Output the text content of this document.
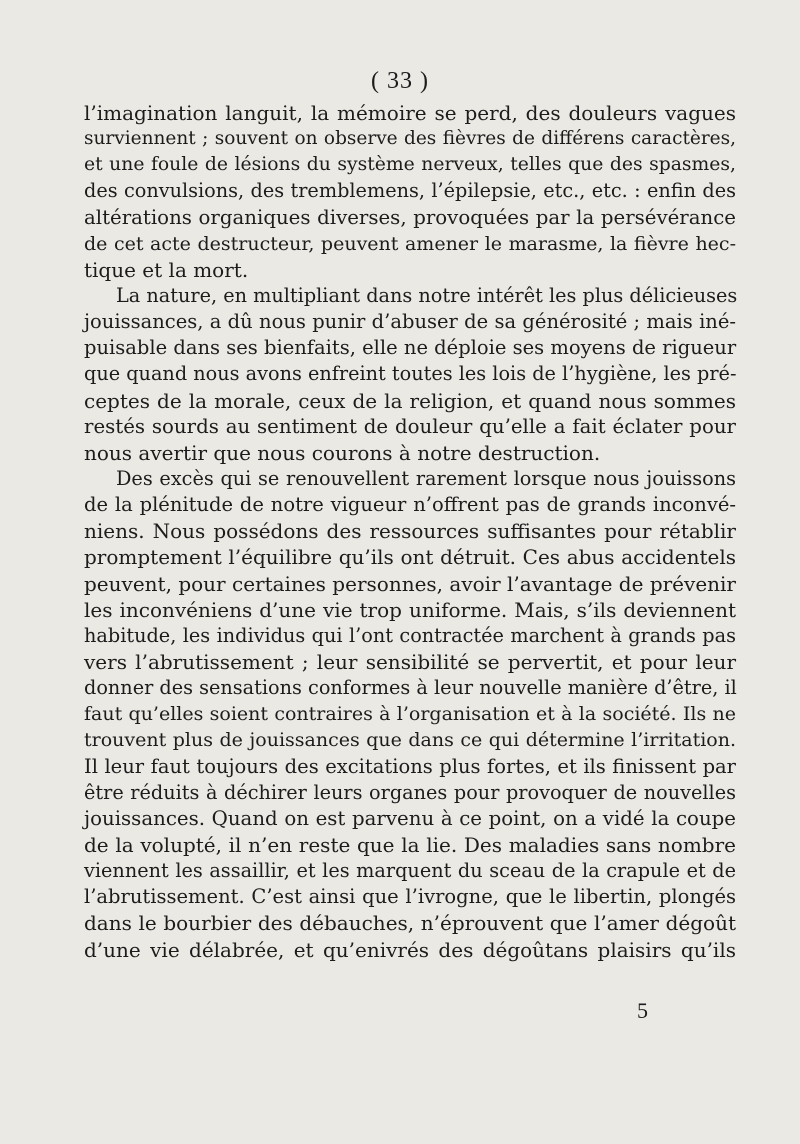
( 33 )
l’imagination languit, la mémoire se perd, des douleurs vagues
surviennent ; souvent on observe des fièvres de différens caractères,
et une foule de lésions du système nerveux, telles que des spasmes,
des convulsions, des tremblemens, l’épilepsie, etc., etc. : enfin des
altérations organiques diverses, provoquées par la persévérance
de cet acte destructeur, peuvent amener le marasme, la fièvre hec-
tique et la mort.
La nature, en multipliant dans notre intérêt les plus délicieuses
jouissances, a dû nous punir d’abuser de sa générosité ; mais iné-
puisable dans ses bienfaits, elle ne déploie ses moyens de rigueur
que quand nous avons enfreint toutes les lois de l’hygiène, les pré-
ceptes de la morale, ceux de la religion, et quand nous sommes
restés sourds au sentiment de douleur qu’elle a fait éclater pour
nous avertir que nous courons à notre destruction.
Des excès qui se renouvellent rarement lorsque nous jouissons
de la plénitude de notre vigueur n’offrent pas de grands inconvé-
niens. Nous possédons des ressources suffisantes pour rétablir
promptement l’équilibre qu’ils ont détruit. Ces abus accidentels
peuvent, pour certaines personnes, avoir l’avantage de prévenir
les inconvéniens d’une vie trop uniforme. Mais, s’ils deviennent
habitude, les individus qui l’ont contractée marchent à grands pas
vers l’abrutissement ; leur sensibilité se pervertit, et pour leur
donner des sensations conformes à leur nouvelle manière d’être, il
faut qu’elles soient contraires à l’organisation et à la société. Ils ne
trouvent plus de jouissances que dans ce qui détermine l’irritation.
Il leur faut toujours des excitations plus fortes, et ils finissent par
être réduits à déchirer leurs organes pour provoquer de nouvelles
jouissances. Quand on est parvenu à ce point, on a vidé la coupe
de la volupté, il n’en reste que la lie. Des maladies sans nombre
viennent les assaillir, et les marquent du sceau de la crapule et de
l’abrutissement. C’est ainsi que l’ivrogne, que le libertin, plongés
dans le bourbier des débauches, n’éprouvent que l’amer dégoût
d’une vie délabrée, et qu’enivrés des dégoûtans plaisirs qu’ils
5
